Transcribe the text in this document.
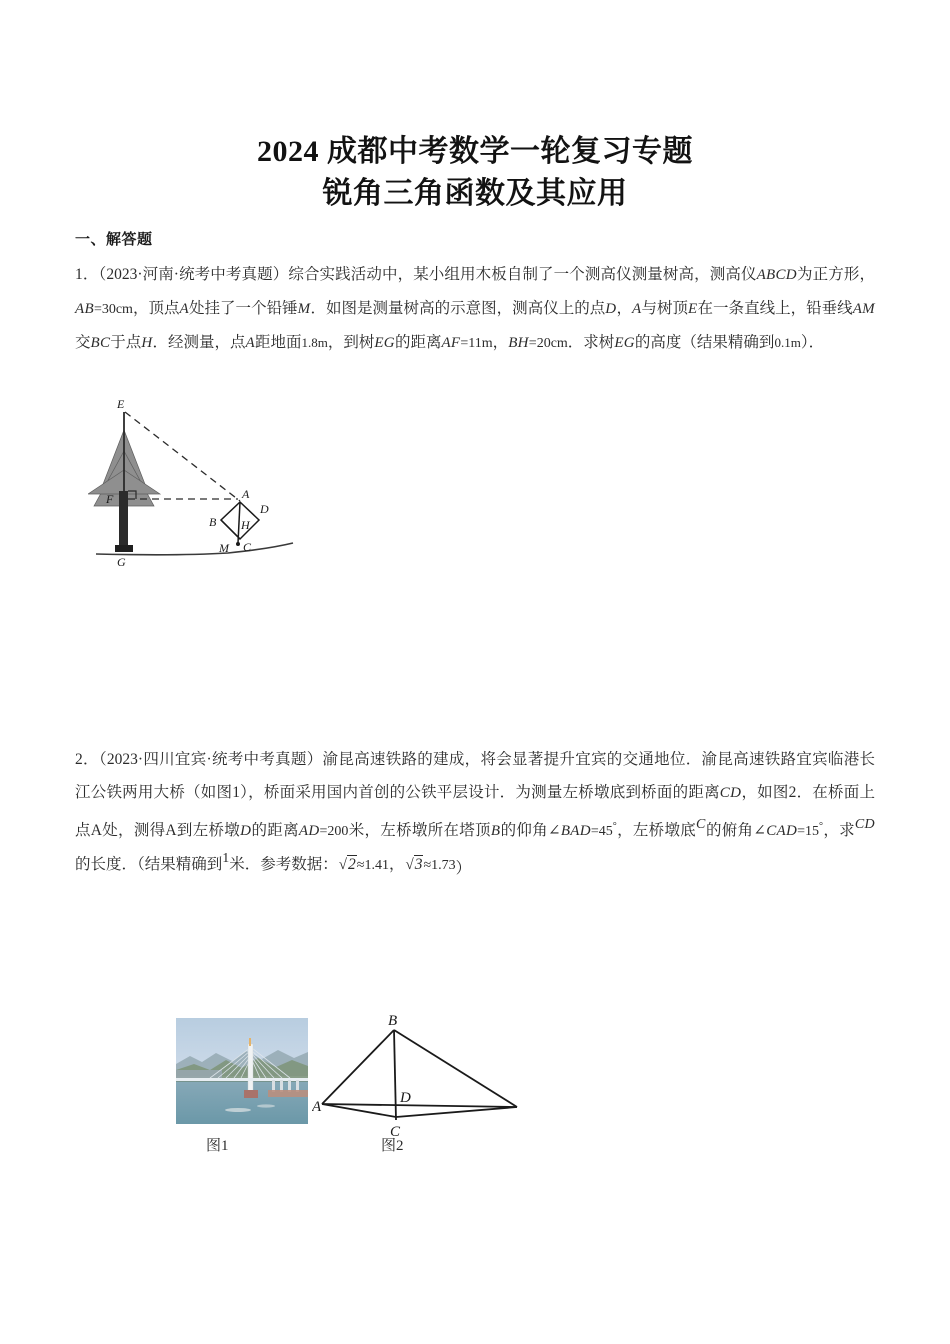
2024 成都中考数学一轮复习专题
锐角三角函数及其应用
一、解答题

1．（2023·河南·统考中考真题）综合实践活动中，某小组用木板自制了一个测高仪测量树高，测高仪ABCD为正方形，AB=30cm，顶点A处挂了一个铅锤M．如图是测量树高的示意图，测高仪上的点D，A与树顶E在一条直线上，铅垂线AM交BC于点H．经测量，点A距地面1.8m，到树EG的距离AF=11m，BH=20cm．求树EG的高度（结果精确到0.1m）．

E
F
G
A
D
B H
C
M

2．（2023·四川宜宾·统考中考真题）渝昆高速铁路的建成，将会显著提升宜宾的交通地位．渝昆高速铁路宜宾临港长江公铁两用大桥（如图1），桥面采用国内首创的公铁平层设计．为测量左桥墩底到桥面的距离CD，如图2．在桥面上点A处，测得A到左桥墩D的距离AD=200米，左桥墩所在塔顶B的仰角∠BAD=45°，左桥墩底C的俯角∠CAD=15°，求CD的长度．（结果精确到1米．参考数据：√2≈1.41，√3≈1.73）

B
D
A
C
图1	图2
